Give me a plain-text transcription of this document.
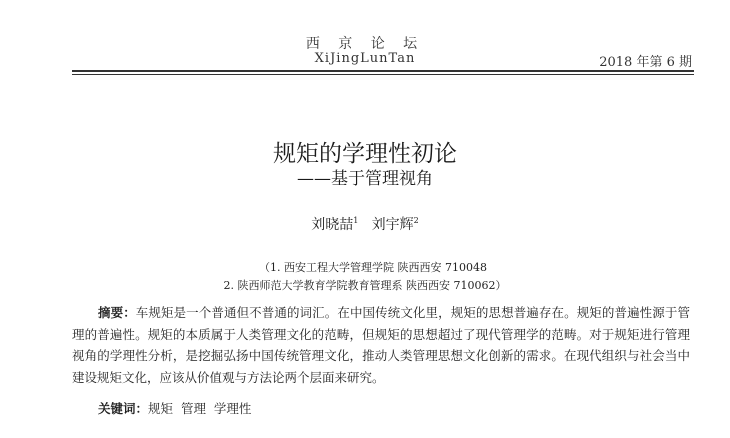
西 京 论 坛
XiJingLunTan	2018 年第 6 期
规矩的学理性初论
——基于管理视角
刘晓喆$^1$ 刘宇辉$^2$
（1. 西安工程大学管理学院 陕西西安 710048
2. 陕西师范大学教育学院教育管理系 陕西西安 710062）
摘要：车规矩是一个普通但不普通的词汇。在中国传统文化里，规矩的思想普遍存在。规矩的普遍性源于管理的普遍性。规矩的本质属于人类管理文化的范畴，但规矩的思想超过了现代管理学的范畴。对于规矩进行管理视角的学理性分析，是挖掘弘扬中国传统管理文化，推动人类管理思想文化创新的需求。在现代组织与社会当中建设规矩文化，应该从价值观与方法论两个层面来研究。
关键词：规矩  管理  学理性
